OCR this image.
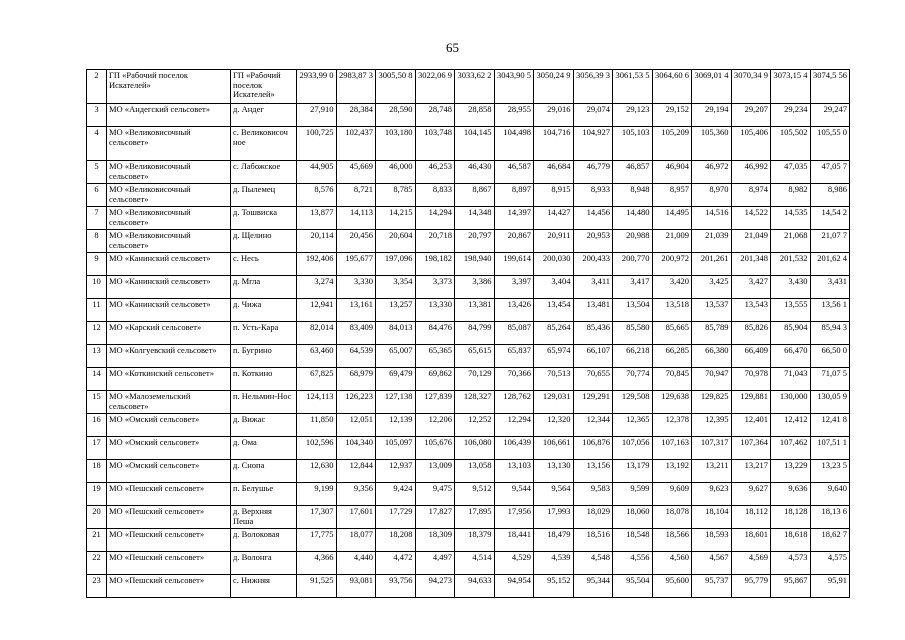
65
2	ГП «Рабочий поселок Искателей»	ГП «Рабочий поселок Искателей»	2933,99 0	2983,87 3	3005,50 8	3022,06 9	3033,62 2	3043,90 5	3050,24 9	3056,39 3	3061,53 5	3064,60 6	3069,01 4	3070,34 9	3073,15 4	3074,5 56
3	МО «Андегский сельсовет»	д. Андег	27,910	28,384	28,590	28,748	28,858	28,955	29,016	29,074	29,123	29,152	29,194	29,207	29,234	29,247
4	МО «Великовисочный сельсовет»	с. Великовисоч ное	100,725	102,437	103,180	103,748	104,145	104,498	104,716	104,927	105,103	105,209	105,360	105,406	105,502	105,55 0
5	МО «Великовисочный сельсовет»	с. Лабожское	44,905	45,669	46,000	46,253	46,430	46,587	46,684	46,779	46,857	46,904	46,972	46,992	47,035	47,05 7
6	МО «Великовисочный сельсовет»	д. Пылемец	8,576	8,721	8,785	8,833	8,867	8,897	8,915	8,933	8,948	8,957	8,970	8,974	8,982	8,986
7	МО «Великовисочный сельсовет»	д. Тошвиска	13,877	14,113	14,215	14,294	14,348	14,397	14,427	14,456	14,480	14,495	14,516	14,522	14,535	14,54 2
8	МО «Великовисочный сельсовет»	д. Щелино	20,114	20,456	20,604	20,718	20,797	20,867	20,911	20,953	20,988	21,009	21,039	21,049	21,068	21,07 7
9	МО «Канинский сельсовет»	с. Несь	192,406	195,677	197,096	198,182	198,940	199,614	200,030	200,433	200,770	200,972	201,261	201,348	201,532	201,62 4
10	МО «Канинский сельсовет»	д. Мгла	3,274	3,330	3,354	3,373	3,386	3,397	3,404	3,411	3,417	3,420	3,425	3,427	3,430	3,431
11	МО «Канинский сельсовет»	д. Чижа	12,941	13,161	13,257	13,330	13,381	13,426	13,454	13,481	13,504	13,518	13,537	13,543	13,555	13,56 1
12	МО «Карский сельсовет»	п. Усть-Кара	82,014	83,409	84,013	84,476	84,799	85,087	85,264	85,436	85,580	85,665	85,789	85,826	85,904	85,94 3
13	МО «Колгуевский сельсовет»	п. Бугрино	63,460	64,539	65,007	65,365	65,615	65,837	65,974	66,107	66,218	66,285	66,380	66,409	66,470	66,50 0
14	МО «Коткинский сельсовет»	п. Коткино	67,825	68,979	69,479	69,862	70,129	70,366	70,513	70,655	70,774	70,845	70,947	70,978	71,043	71,07 5
15	МО «Малоземельский сельсовет»	п. Нельмин-Нос	124,113	126,223	127,138	127,839	128,327	128,762	129,031	129,291	129,508	129,638	129,825	129,881	130,000	130,05 9
16	МО «Омский сельсовет»	д. Вижас	11,850	12,051	12,139	12,206	12,252	12,294	12,320	12,344	12,365	12,378	12,395	12,401	12,412	12,41 8
17	МО «Омский сельсовет»	д. Ома	102,596	104,340	105,097	105,676	106,080	106,439	106,661	106,876	107,056	107,163	107,317	107,364	107,462	107,51 1
18	МО «Омский сельсовет»	д. Снопа	12,630	12,844	12,937	13,009	13,058	13,103	13,130	13,156	13,179	13,192	13,211	13,217	13,229	13,23 5
19	МО «Пешский сельсовет»	п. Белушье	9,199	9,356	9,424	9,475	9,512	9,544	9,564	9,583	9,599	9,609	9,623	9,627	9,636	9,640
20	МО «Пешский сельсовет»	д. Верхняя Пеша	17,307	17,601	17,729	17,827	17,895	17,956	17,993	18,029	18,060	18,078	18,104	18,112	18,128	18,13 6
21	МО «Пешский сельсовет»	д. Волоковая	17,775	18,077	18,208	18,309	18,379	18,441	18,479	18,516	18,548	18,566	18,593	18,601	18,618	18,62 7
22	МО «Пешский сельсовет»	д. Волонга	4,366	4,440	4,472	4,497	4,514	4,529	4,539	4,548	4,556	4,560	4,567	4,569	4,573	4,575
23	МО «Пешский сельсовет»	с. Нижняя	91,525	93,081	93,756	94,273	94,633	94,954	95,152	95,344	95,504	95,600	95,737	95,779	95,867	95,91
